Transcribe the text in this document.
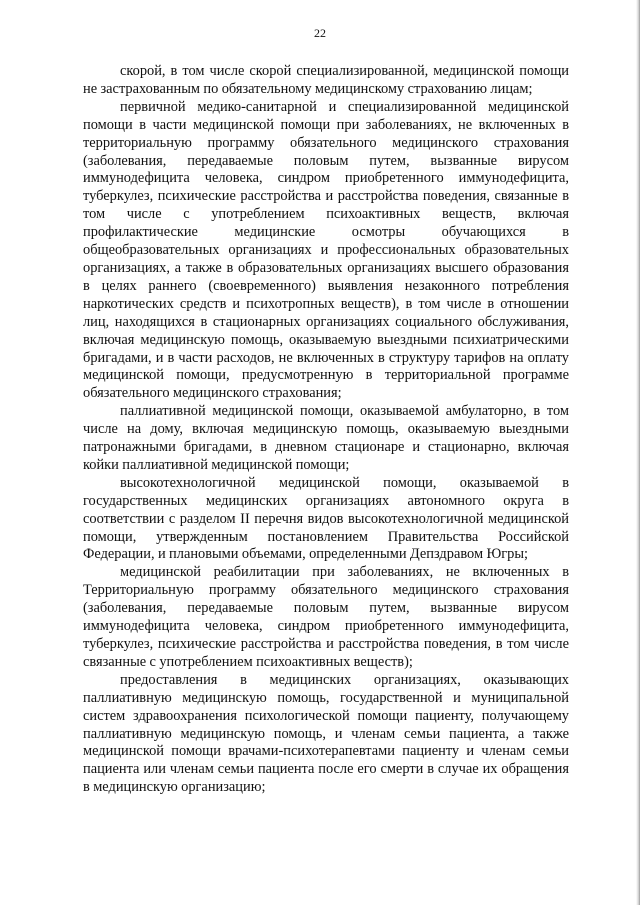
22

скорой, в том числе скорой специализированной, медицинской помощи не застрахованным по обязательному медицинскому страхованию лицам;

первичной медико-санитарной и специализированной медицинской помощи в части медицинской помощи при заболеваниях, не включенных в территориальную программу обязательного медицинского страхования (заболевания, передаваемые половым путем, вызванные вирусом иммунодефицита человека, синдром приобретенного иммунодефицита, туберкулез, психические расстройства и расстройства поведения, связанные в том числе с употреблением психоактивных веществ, включая профилактические медицинские осмотры обучающихся в общеобразовательных организациях и профессиональных образовательных организациях, а также в образовательных организациях высшего образования в целях раннего (своевременного) выявления незаконного потребления наркотических средств и психотропных веществ), в том числе в отношении лиц, находящихся в стационарных организациях социального обслуживания, включая медицинскую помощь, оказываемую выездными психиатрическими бригадами, и в части расходов, не включенных в структуру тарифов на оплату медицинской помощи, предусмотренную в территориальной программе обязательного медицинского страхования;

паллиативной медицинской помощи, оказываемой амбулаторно, в том числе на дому, включая медицинскую помощь, оказываемую выездными патронажными бригадами, в дневном стационаре и стационарно, включая койки паллиативной медицинской помощи;

высокотехнологичной медицинской помощи, оказываемой в государственных медицинских организациях автономного округа в соответствии с разделом II перечня видов высокотехнологичной медицинской помощи, утвержденным постановлением Правительства Российской Федерации, и плановыми объемами, определенными Депздравом Югры;

медицинской реабилитации при заболеваниях, не включенных в Территориальную программу обязательного медицинского страхования (заболевания, передаваемые половым путем, вызванные вирусом иммунодефицита человека, синдром приобретенного иммунодефицита, туберкулез, психические расстройства и расстройства поведения, в том числе связанные с употреблением психоактивных веществ);

предоставления в медицинских организациях, оказывающих паллиативную медицинскую помощь, государственной и муниципальной систем здравоохранения психологической помощи пациенту, получающему паллиативную медицинскую помощь, и членам семьи пациента, а также медицинской помощи врачами-психотерапевтами пациенту и членам семьи пациента или членам семьи пациента после его смерти в случае их обращения в медицинскую организацию;
